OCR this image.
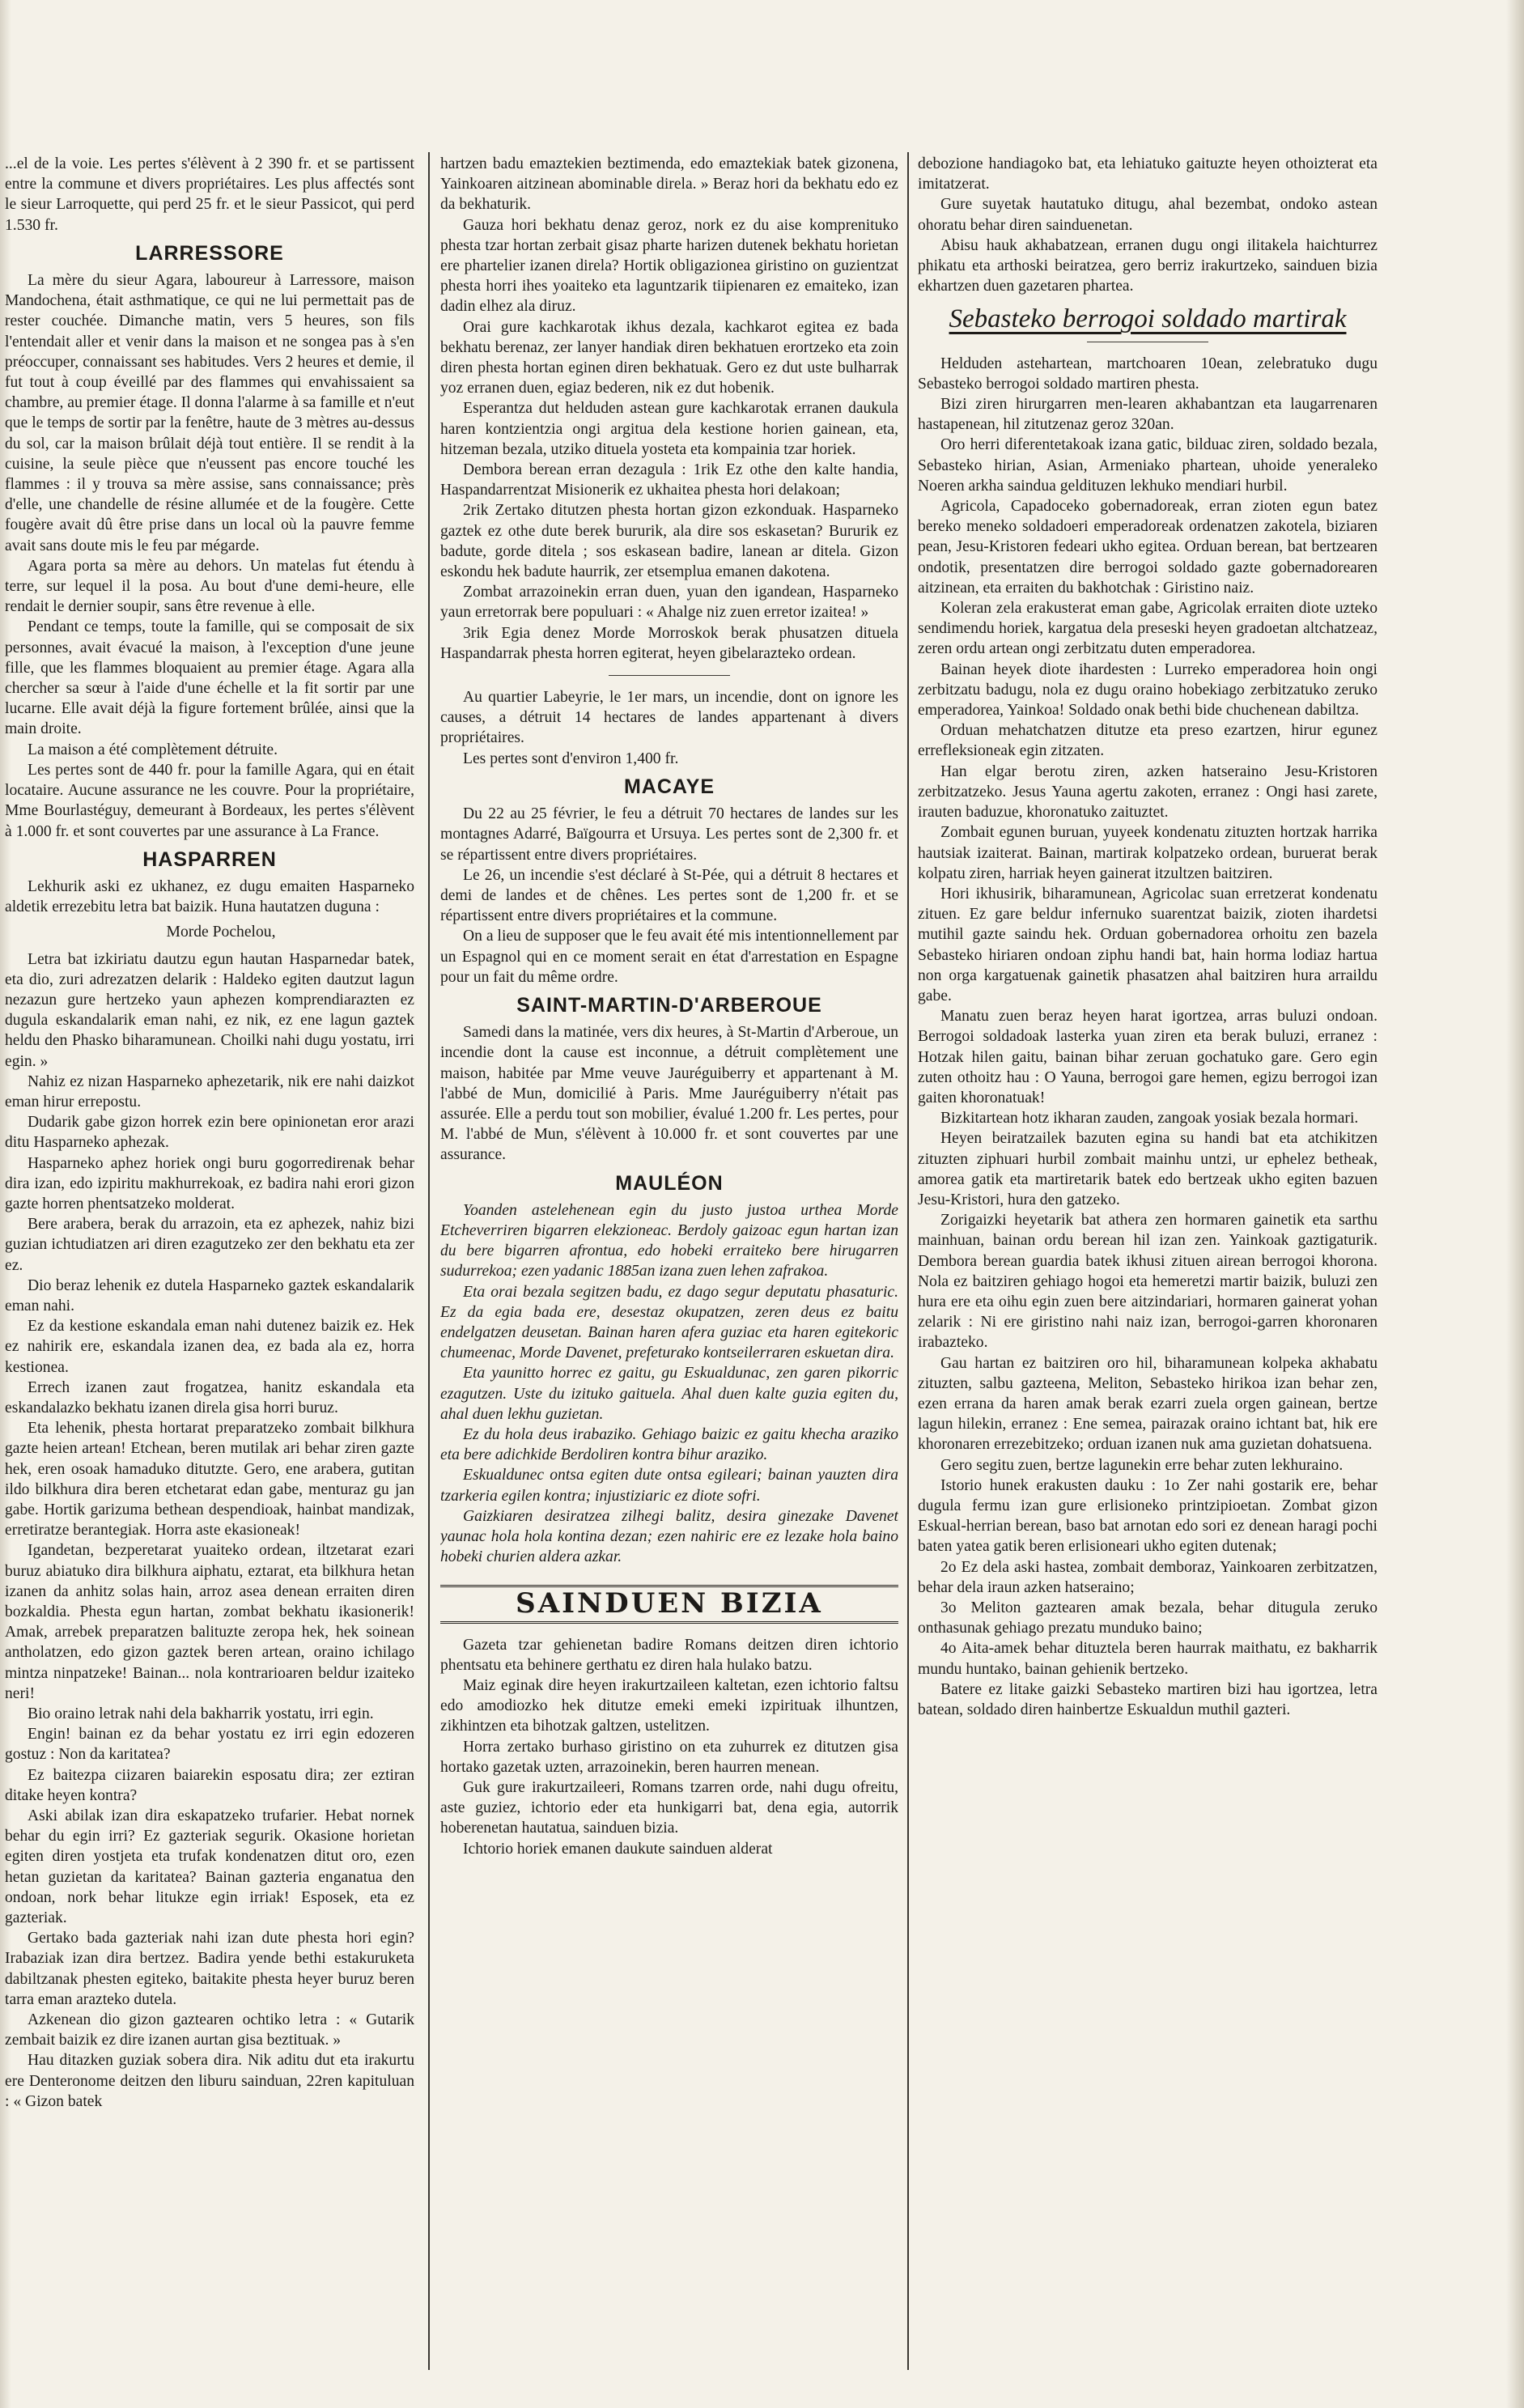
...el de la voie. Les pertes s'élèvent à 2 390 fr. et se partissent entre la commune et divers propriétaires. Les plus affectés sont le sieur Larroquette, qui perd 25 fr. et le sieur Passicot, qui perd 1.530 fr.

LARRESSORE

La mère du sieur Agara, laboureur à Larressore, maison Mandochena, était asthmatique, ce qui ne lui permettait pas de rester couchée. Dimanche matin, vers 5 heures, son fils l'entendait aller et venir dans la maison et ne songea pas à s'en préoccuper, connaissant ses habitudes. Vers 2 heures et demie, il fut tout à coup éveillé par des flammes qui envahissaient sa chambre, au premier étage. Il donna l'alarme à sa famille et n'eut que le temps de sortir par la fenêtre, haute de 3 mètres au-dessus du sol, car la maison brûlait déjà tout entière. Il se rendit à la cuisine, la seule pièce que n'eussent pas encore touché les flammes : il y trouva sa mère assise, sans connaissance; près d'elle, une chandelle de résine allumée et de la fougère. Cette fougère avait dû être prise dans un local où la pauvre femme avait sans doute mis le feu par mégarde.

Agara porta sa mère au dehors. Un matelas fut étendu à terre, sur lequel il la posa. Au bout d'une demi-heure, elle rendait le dernier soupir, sans être revenue à elle.

Pendant ce temps, toute la famille, qui se composait de six personnes, avait évacué la maison, à l'exception d'une jeune fille, que les flammes bloquaient au premier étage. Agara alla chercher sa sœur à l'aide d'une échelle et la fit sortir par une lucarne. Elle avait déjà la figure fortement brûlée, ainsi que la main droite.

La maison a été complètement détruite.

Les pertes sont de 440 fr. pour la famille Agara, qui en était locataire. Aucune assurance ne les couvre. Pour la propriétaire, Mme Bourlastéguy, demeurant à Bordeaux, les pertes s'élèvent à 1.000 fr. et sont couvertes par une assurance à La France.

HASPARREN

Lekhurik aski ez ukhanez, ez dugu emaiten Hasparneko aldetik errezebitu letra bat baizik. Huna hautatzen duguna :

Morde Pochelou,

Letra bat izkiriatu dautzu egun hautan Hasparnedar batek, eta dio, zuri adrezatzen delarik : Haldeko egiten dautzut lagun nezazun gure hertzeko yaun aphezen komprendiarazten ez dugula eskandalarik eman nahi, ez nik, ez ene lagun gaztek heldu den Phasko biharamunean. Choilki nahi dugu yostatu, irri egin. »

Nahiz ez nizan Hasparneko aphezetarik, nik ere nahi daizkot eman hirur errepostu.

Dudarik gabe gizon horrek ezin bere opinionetan eror arazi ditu Hasparneko aphezak.

Hasparneko aphez horiek ongi buru gogorredirenak behar dira izan, edo izpiritu makhurrekoak, ez badira nahi erori gizon gazte horren phentsatzeko molderat.

Bere arabera, berak du arrazoin, eta ez aphezek, nahiz bizi guzian ichtudiatzen ari diren ezagutzeko zer den bekhatu eta zer ez.

Dio beraz lehenik ez dutela Hasparneko gaztek eskandalarik eman nahi.

Ez da kestione eskandala eman nahi dutenez baizik ez. Hek ez nahirik ere, eskandala izanen dea, ez bada ala ez, horra kestionea.

Errech izanen zaut frogatzea, hanitz eskandala eta eskandalazko bekhatu izanen direla gisa horri buruz.

Eta lehenik, phesta hortarat preparatzeko zombait bilkhura gazte heien artean! Etchean, beren mutilak ari behar ziren gazte hek, eren osoak hamaduko ditutzte. Gero, ene arabera, gutitan ildo bilkhura dira beren etchetarat edan gabe, menturaz gu jan gabe. Hortik garizuma bethean despendioak, hainbat mandizak, erretiratze berantegiak. Horra aste ekasioneak!

Igandetan, bezperetarat yuaiteko ordean, iltzetarat ezari buruz abiatuko dira bilkhura aiphatu, eztarat, eta bilkhura hetan izanen da anhitz solas hain, arroz asea denean erraiten diren bozkaldia. Phesta egun hartan, zombat bekhatu ikasionerik! Amak, arrebek preparatzen balituzte zeropa hek, hek soinean antholatzen, edo gizon gaztek beren artean, oraino ichilago mintza ninpatzeke! Bainan... nola kontrarioaren beldur izaiteko neri!

Bio oraino letrak nahi dela bakharrik yostatu, irri egin.

Engin! bainan ez da behar yostatu ez irri egin edozeren gostuz : Non da karitatea?

Ez baitezpa ciizaren baiarekin esposatu dira; zer eztiran ditake heyen kontra?

Aski abilak izan dira eskapatzeko trufarier. Hebat nornek behar du egin irri? Ez gazteriak segurik. Okasione horietan egiten diren yostjeta eta trufak kondenatzen ditut oro, ezen hetan guzietan da karitatea? Bainan gazteria enganatua den ondoan, nork behar litukze egin irriak! Esposek, eta ez gazteriak.

Gertako bada gazteriak nahi izan dute phesta hori egin? Irabaziak izan dira bertzez. Badira yende bethi estakuruketa dabiltzanak phesten egiteko, baitakite phesta heyer buruz beren tarra eman arazteko dutela.

Azkenean dio gizon gaztearen ochtiko letra : « Gutarik zembait baizik ez dire izanen aurtan gisa beztituak. »

Hau ditazken guziak sobera dira. Nik aditu dut eta irakurtu ere Denteronome deitzen den liburu sainduan, 22ren kapituluan : « Gizon batek

hartzen badu emaztekien beztimenda, edo emaztekiak batek gizonena, Yainkoaren aitzinean abominable direla. » Beraz hori da bekhatu edo ez da bekhaturik.

Gauza hori bekhatu denaz geroz, nork ez du aise komprenituko phesta tzar hortan zerbait gisaz pharte harizen dutenek bekhatu horietan ere phartelier izanen direla? Hortik obligazionea giristino on guzientzat phesta horri ihes yoaiteko eta laguntzarik tiipienaren ez emaiteko, izan dadin elhez ala diruz.

Orai gure kachkarotak ikhus dezala, kachkarot egitea ez bada bekhatu berenaz, zer lanyer handiak diren bekhatuen erortzeko eta zoin diren phesta hortan eginen diren bekhatuak. Gero ez dut uste bulharrak yoz erranen duen, egiaz bederen, nik ez dut hobenik.

Esperantza dut helduden astean gure kachkarotak erranen daukula haren kontzientzia ongi argitua dela kestione horien gainean, eta, hitzeman bezala, utziko dituela yosteta eta kompainia tzar horiek.

Dembora berean erran dezagula : 1rik Ez othe den kalte handia, Haspandarrentzat Misionerik ez ukhaitea phesta hori delakoan;

2rik Zertako ditutzen phesta hortan gizon ezkonduak. Hasparneko gaztek ez othe dute berek bururik, ala dire sos eskasetan? Bururik ez badute, gorde ditela ; sos eskasean badire, lanean ar ditela. Gizon eskondu hek badute haurrik, zer etsemplua emanen dakotena.

Zombat arrazoinekin erran duen, yuan den igandean, Hasparneko yaun erretorrak bere populuari : « Ahalge niz zuen erretor izaitea! »

3rik Egia denez Morde Morroskok berak phusatzen dituela Haspandarrak phesta horren egiterat, heyen gibelarazteko ordean.

Au quartier Labeyrie, le 1er mars, un incendie, dont on ignore les causes, a détruit 14 hectares de landes appartenant à divers propriétaires.

Les pertes sont d'environ 1,400 fr.

MACAYE

Du 22 au 25 février, le feu a détruit 70 hectares de landes sur les montagnes Adarré, Baïgourra et Ursuya. Les pertes sont de 2,300 fr. et se répartissent entre divers propriétaires.

Le 26, un incendie s'est déclaré à St-Pée, qui a détruit 8 hectares et demi de landes et de chênes. Les pertes sont de 1,200 fr. et se répartissent entre divers propriétaires et la commune.

On a lieu de supposer que le feu avait été mis intentionnellement par un Espagnol qui en ce moment serait en état d'arrestation en Espagne pour un fait du même ordre.

SAINT-MARTIN-D'ARBEROUE

Samedi dans la matinée, vers dix heures, à St-Martin d'Arberoue, un incendie dont la cause est inconnue, a détruit complètement une maison, habitée par Mme veuve Jauréguiberry et appartenant à M. l'abbé de Mun, domicilié à Paris. Mme Jauréguiberry n'était pas assurée. Elle a perdu tout son mobilier, évalué 1.200 fr. Les pertes, pour M. l'abbé de Mun, s'élèvent à 10.000 fr. et sont couvertes par une assurance.

MAULÉON

Yoanden astelehenean egin du justo justoa urthea Morde Etcheverriren bigarren elekzioneac. Berdoly gaizoac egun hartan izan du bere bigarren afrontua, edo hobeki erraiteko bere hirugarren sudurrekoa; ezen yadanic 1885an izana zuen lehen zafrakoa.

Eta orai bezala segitzen badu, ez dago segur deputatu phasaturic. Ez da egia bada ere, desestaz okupatzen, zeren deus ez baitu endelgatzen deusetan. Bainan haren afera guziac eta haren egitekoric chumeenac, Morde Davenet, prefeturako kontseilerraren eskuetan dira.

Eta yaunitto horrec ez gaitu, gu Eskualdunac, zen garen pikorric ezagutzen. Uste du izituko gaituela. Ahal duen kalte guzia egiten du, ahal duen lekhu guzietan.

Ez du hola deus irabaziko. Gehiago baizic ez gaitu khecha araziko eta bere adichkide Berdoliren kontra bihur araziko.

Eskualdunec ontsa egiten dute ontsa egileari; bainan yauzten dira tzarkeria egilen kontra; injustiziaric ez diote sofri.

Gaizkiaren desiratzea zilhegi balitz, desira ginezake Davenet yaunac hola hola kontina dezan; ezen nahiric ere ez lezake hola baino hobeki churien aldera azkar.

SAINDUEN BIZIA

Gazeta tzar gehienetan badire Romans deitzen diren ichtorio phentsatu eta behinere gerthatu ez diren hala hulako batzu.

Maiz eginak dire heyen irakurtzaileen kaltetan, ezen ichtorio faltsu edo amodiozko hek ditutze emeki emeki izpirituak ilhuntzen, zikhintzen eta bihotzak galtzen, ustelitzen.

Horra zertako burhaso giristino on eta zuhurrek ez ditutzen gisa hortako gazetak uzten, arrazoinekin, beren haurren menean.

Guk gure irakurtzaileeri, Romans tzarren orde, nahi dugu ofreitu, aste guziez, ichtorio eder eta hunkigarri bat, dena egia, autorrik hoberenetan hautatua, sainduen bizia.

Ichtorio horiek emanen daukute sainduen alderat

debozione handiagoko bat, eta lehiatuko gaituzte heyen othoizterat eta imitatzerat.

Gure suyetak hautatuko ditugu, ahal bezembat, ondoko astean ohoratu behar diren sainduenetan.

Abisu hauk akhabatzean, erranen dugu ongi ilitakela haichturrez phikatu eta arthoski beiratzea, gero berriz irakurtzeko, sainduen bizia ekhartzen duen gazetaren phartea.

Sebasteko berrogoi soldado martirak

Helduden astehartean, martchoaren 10ean, zelebratuko dugu Sebasteko berrogoi soldado martiren phesta.

Bizi ziren hirurgarren men-learen akhabantzan eta laugarrenaren hastapenean, hil zitutzenaz geroz 320an.

Oro herri diferentetakoak izana gatic, bilduac ziren, soldado bezala, Sebasteko hirian, Asian, Armeniako phartean, uhoide yeneraleko Noeren arkha saindua geldituzen lekhuko mendiari hurbil.

Agricola, Capadoceko gobernadoreak, erran zioten egun batez bereko meneko soldadoeri emperadoreak ordenatzen zakotela, biziaren pean, Jesu-Kristoren fedeari ukho egitea. Orduan berean, bat bertzearen ondotik, presentatzen dire berrogoi soldado gazte gobernadorearen aitzinean, eta erraiten du bakhotchak : Giristino naiz.

Koleran zela erakusterat eman gabe, Agricolak erraiten diote uzteko sendimendu horiek, kargatua dela preseski heyen gradoetan altchatzeaz, zeren ordu artean ongi zerbitzatu duten emperadorea.

Bainan heyek diote ihardesten : Lurreko emperadorea hoin ongi zerbitzatu badugu, nola ez dugu oraino hobekiago zerbitzatuko zeruko emperadorea, Yainkoa! Soldado onak bethi bide chuchenean dabiltza.

Orduan mehatchatzen ditutze eta preso ezartzen, hirur egunez errefleksioneak egin zitzaten.

Han elgar berotu ziren, azken hatseraino Jesu-Kristoren zerbitzatzeko. Jesus Yauna agertu zakoten, erranez : Ongi hasi zarete, irauten baduzue, khoronatuko zaituztet.

Zombait egunen buruan, yuyeek kondenatu zituzten hortzak harrika hautsiak izaiterat. Bainan, martirak kolpatzeko ordean, buruerat berak kolpatu ziren, harriak heyen gainerat itzultzen baitziren.

Hori ikhusirik, biharamunean, Agricolac suan erretzerat kondenatu zituen. Ez gare beldur infernuko suarentzat baizik, zioten ihardetsi mutihil gazte saindu hek. Orduan gobernadorea orhoitu zen bazela Sebasteko hiriaren ondoan ziphu handi bat, hain horma lodiaz hartua non orga kargatuenak gainetik phasatzen ahal baitziren hura arraildu gabe.

Manatu zuen beraz heyen harat igortzea, arras buluzi ondoan. Berrogoi soldadoak lasterka yuan ziren eta berak buluzi, erranez : Hotzak hilen gaitu, bainan bihar zeruan gochatuko gare. Gero egin zuten othoitz hau : O Yauna, berrogoi gare hemen, egizu berrogoi izan gaiten khoronatuak!

Bizkitartean hotz ikharan zauden, zangoak yosiak bezala hormari.

Heyen beiratzailek bazuten egina su handi bat eta atchikitzen zituzten ziphuari hurbil zombait mainhu untzi, ur ephelez betheak, amorea gatik eta martiretarik batek edo bertzeak ukho egiten bazuen Jesu-Kristori, hura den gatzeko.

Zorigaizki heyetarik bat athera zen hormaren gainetik eta sarthu mainhuan, bainan ordu berean hil izan zen. Yainkoak gaztigaturik. Dembora berean guardia batek ikhusi zituen airean berrogoi khorona. Nola ez baitziren gehiago hogoi eta hemeretzi martir baizik, buluzi zen hura ere eta oihu egin zuen bere aitzindariari, hormaren gainerat yohan zelarik : Ni ere giristino nahi naiz izan, berrogoi-garren khoronaren irabazteko.

Gau hartan ez baitziren oro hil, biharamunean kolpeka akhabatu zituzten, salbu gazteena, Meliton, Sebasteko hirikoa izan behar zen, ezen errana da haren amak berak ezarri zuela orgen gainean, bertze lagun hilekin, erranez : Ene semea, pairazak oraino ichtant bat, hik ere khoronaren errezebitzeko; orduan izanen nuk ama guzietan dohatsuena.

Gero segitu zuen, bertze lagunekin erre behar zuten lekhuraino.

Istorio hunek erakusten dauku : 1o Zer nahi gostarik ere, behar dugula fermu izan gure erlisioneko printzipioetan. Zombat gizon Eskual-herrian berean, baso bat arnotan edo sori ez denean haragi pochi baten yatea gatik beren erlisioneari ukho egiten dutenak;

2o Ez dela aski hastea, zombait demboraz, Yainkoaren zerbitzatzen, behar dela iraun azken hatseraino;

3o Meliton gaztearen amak bezala, behar ditugula zeruko onthasunak gehiago prezatu munduko baino;

4o Aita-amek behar dituztela beren haurrak maithatu, ez bakharrik mundu huntako, bainan gehienik bertzeko.

Batere ez litake gaizki Sebasteko martiren bizi hau igortzea, letra batean, soldado diren hainbertze Eskualdun muthil gazteri.
